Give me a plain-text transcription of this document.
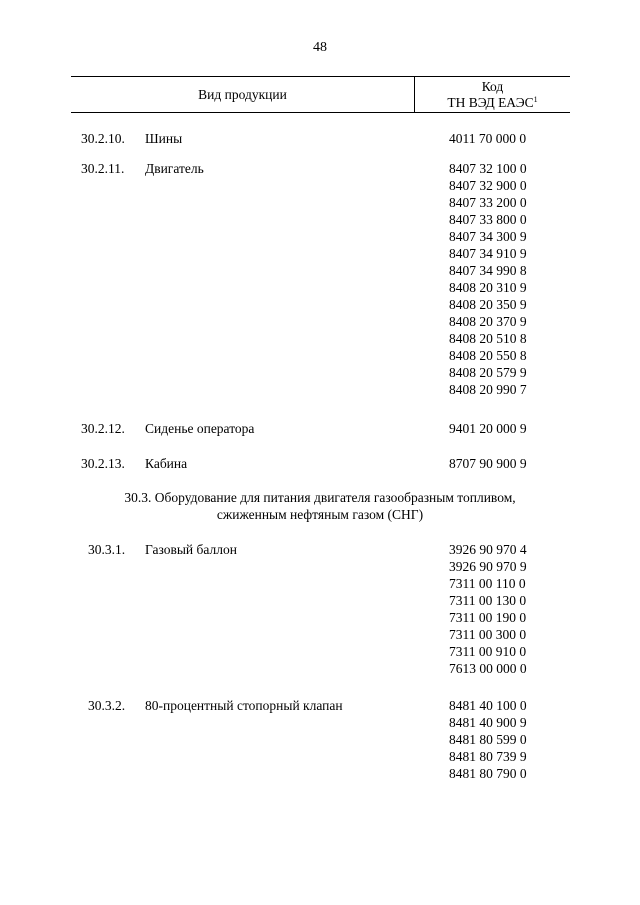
48
Вид продукции
Код
ТН ВЭД ЕАЭС$^1$
30.2.10. Шины	4011 70 000 0
30.2.11. Двигатель	8407 32 100 0
8407 32 900 0
8407 33 200 0
8407 33 800 0
8407 34 300 9
8407 34 910 9
8407 34 990 8
8408 20 310 9
8408 20 350 9
8408 20 370 9
8408 20 510 8
8408 20 550 8
8408 20 579 9
8408 20 990 7
30.2.12. Сиденье оператора	9401 20 000 9
30.2.13. Кабина	8707 90 900 9
30.3. Оборудование для питания двигателя газообразным топливом,
сжиженным нефтяным газом (СНГ)
30.3.1. Газовый баллон	3926 90 970 4
3926 90 970 9
7311 00 110 0
7311 00 130 0
7311 00 190 0
7311 00 300 0
7311 00 910 0
7613 00 000 0
30.3.2. 80-процентный стопорный клапан	8481 40 100 0
8481 40 900 9
8481 80 599 0
8481 80 739 9
8481 80 790 0
